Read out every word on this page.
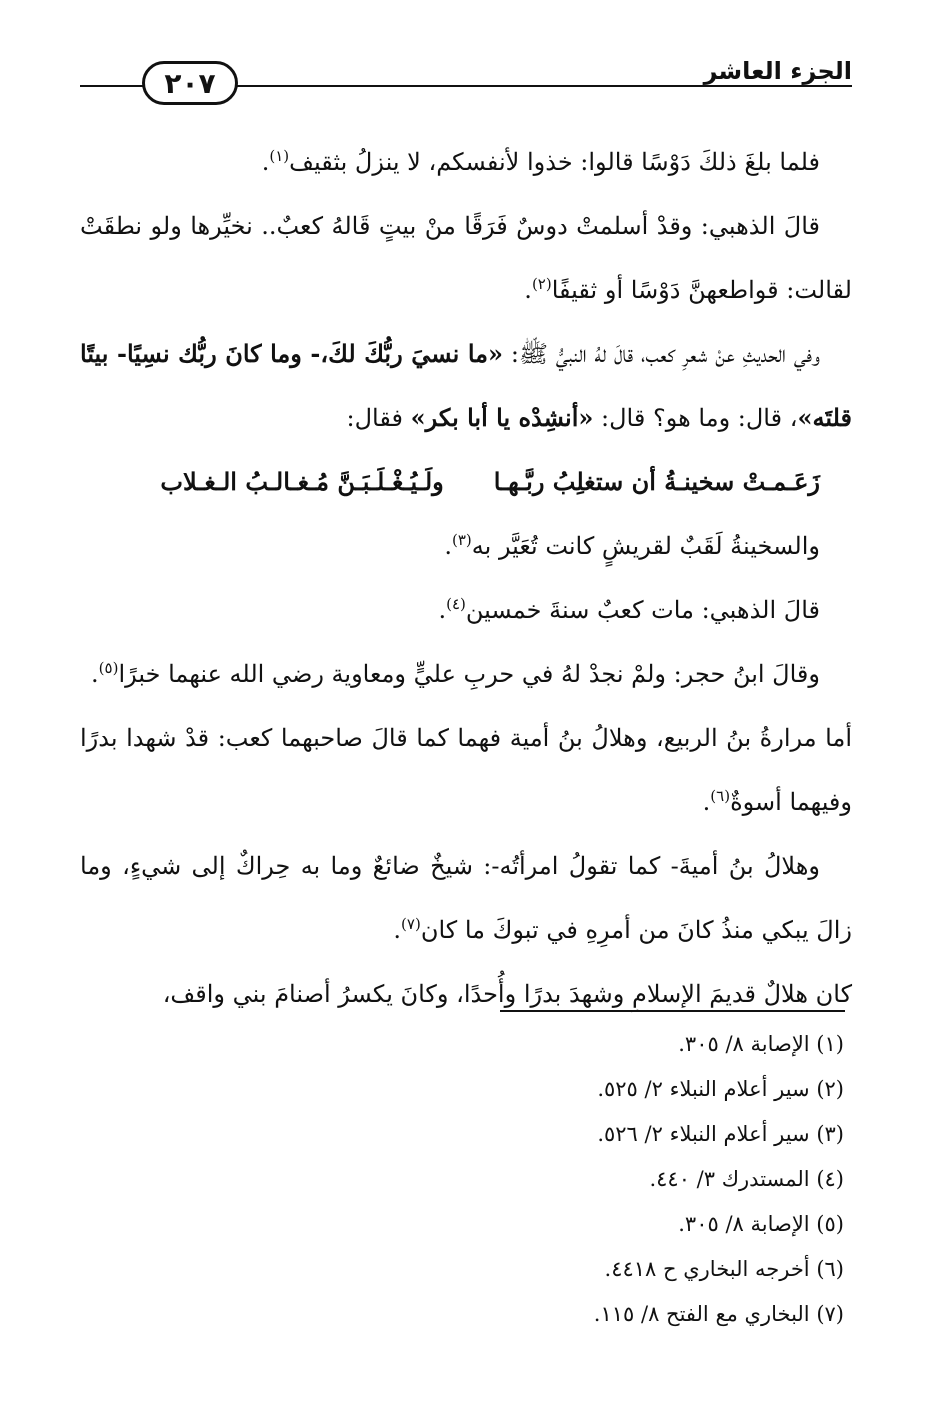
الجزء العاشر
٢٠٧

فلما بلغَ ذلكَ دَوْسًا قالوا: خذوا لأنفسكم، لا ينزلُ بثقيف$^{(١)}$.

قالَ الذهبي: وقدْ أسلمتْ دوسٌ فَرَقًا منْ بيتٍ قَالهُ كعبٌ.. نخيِّرها ولو نطقَتْ لقالت: قواطعهنَّ دَوْسًا أو ثقيفًا$^{(٢)}$.

وفي الحديثِ عنْ شعرِ كعب، قالَ لهُ النبيُّ ﷺ: «ما نسيَ ربُّكَ لكَ،- وما كانَ ربُّك نسِيًا- بيتًا قلتَه»، قال: وما هو؟ قال: «أنشِدْه يا أبا بكر» فقال:

زَعَـمـتْ سخينـةُ أن ستغلِبُ ربَّـهـاولَـيُـغْـلَـبَـنَّ مُـغـالـبُ الـغـلاب

والسخينةُ لَقَبٌ لقريشٍ كانت تُعَيَّر به$^{(٣)}$.

قالَ الذهبي: مات كعبٌ سنةَ خمسين$^{(٤)}$.

وقالَ ابنُ حجر: ولمْ نجدْ لهُ في حربِ عليٍّ ومعاوية رضي الله عنهما خبرًا$^{(٥)}$.

أما مرارةُ بنُ الربيع، وهلالُ بنُ أمية فهما كما قالَ صاحبهما كعب: قدْ شهدا بدرًا وفيهما أسوةٌ$^{(٦)}$.

وهلالُ بنُ أميةَ- كما تقولُ امرأتُه-: شيخٌ ضائعٌ وما به حِراكٌ إلى شيءٍ، وما زالَ يبكي منذُ كانَ من أمرِهِ في تبوكَ ما كان$^{(٧)}$.

كان هلالٌ قديمَ الإسلامِ وشهدَ بدرًا وأُحدًا، وكانَ يكسرُ أصنامَ بني واقف،

(١) الإصابة ٨/ ٣٠٥.

(٢) سير أعلام النبلاء ٢/ ٥٢٥.

(٣) سير أعلام النبلاء ٢/ ٥٢٦.

(٤) المستدرك ٣/ ٤٤٠.

(٥) الإصابة ٨/ ٣٠٥.

(٦) أخرجه البخاري ح ٤٤١٨.

(٧) البخاري مع الفتح ٨/ ١١٥.
